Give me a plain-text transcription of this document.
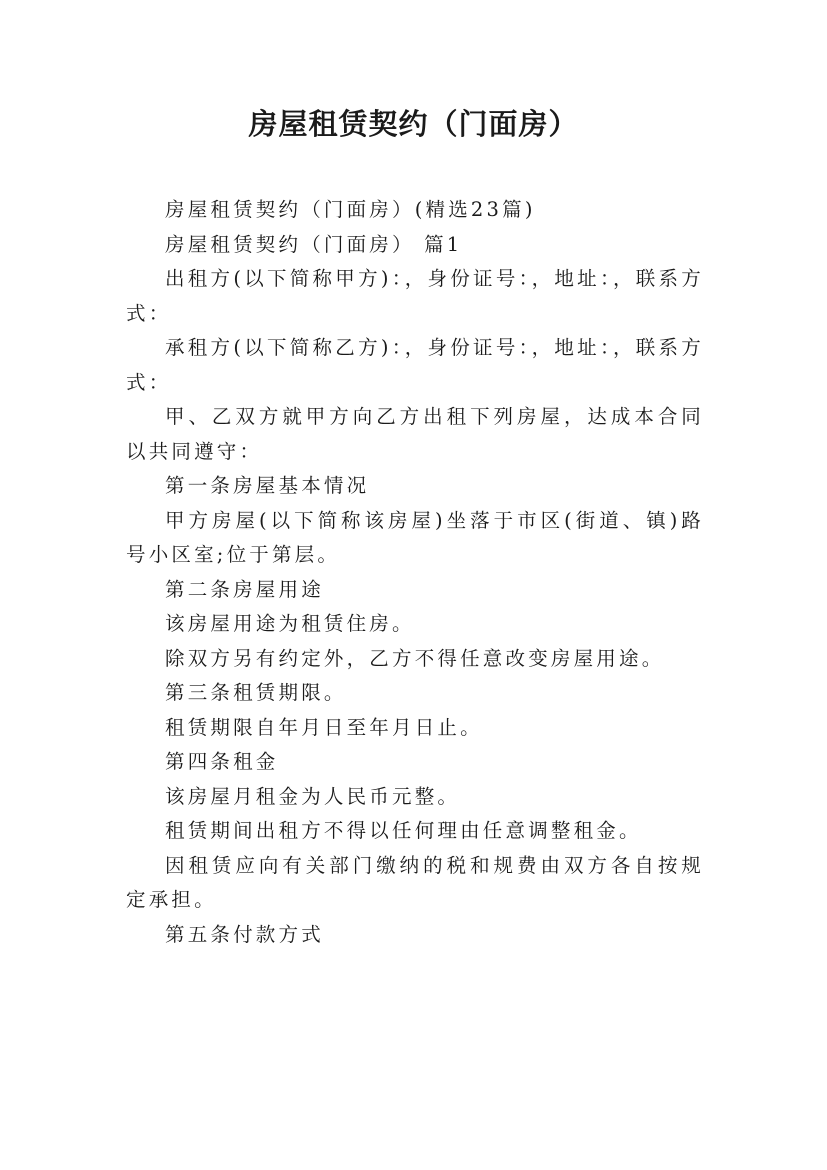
房屋租赁契约（门面房）

房屋租赁契约（门面房）(精选23篇)

房屋租赁契约（门面房） 篇1

出租方(以下简称甲方)：，身份证号：，地址：，联系方式：

承租方(以下简称乙方)：，身份证号：，地址：，联系方式：

甲、乙双方就甲方向乙方出租下列房屋，达成本合同以共同遵守：

第一条房屋基本情况

甲方房屋(以下简称该房屋)坐落于市区(街道、镇)路号小区室;位于第层。

第二条房屋用途

该房屋用途为租赁住房。

除双方另有约定外，乙方不得任意改变房屋用途。

第三条租赁期限。

租赁期限自年月日至年月日止。

第四条租金

该房屋月租金为人民币元整。

租赁期间出租方不得以任何理由任意调整租金。

因租赁应向有关部门缴纳的税和规费由双方各自按规定承担。

第五条付款方式
